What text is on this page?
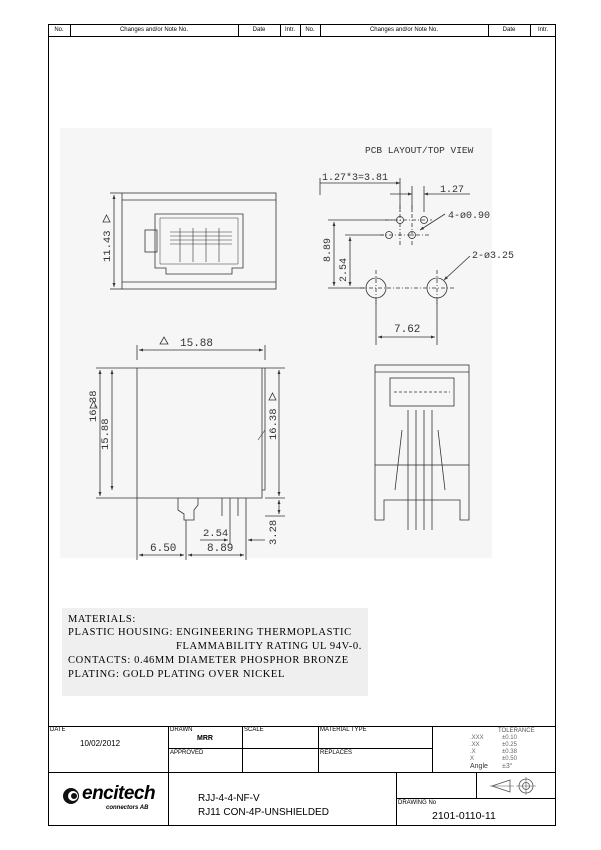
No.	Changes and/or Note No.	Date	Intr.	No.	Changes and/or Note No.	Date	Intr.
PCB LAYOUT/TOP VIEW
1.27*3=3.81
1.27
4-ø0.90
2-ø3.25
8.89
2.54
7.62
11.43
15.88
16.38
15.88	16.38
2.54
6.50	8.89
3.28
MATERIALS:
PLASTIC HOUSING: ENGINEERING THERMOPLASTIC
FLAMMABILITY RATING UL 94V-0.
CONTACTS: 0.46MM DIAMETER PHOSPHOR BRONZE
PLATING: GOLD PLATING OVER NICKEL
DATE
10/02/2012
DRAWN
MRR
APPROVED
SCALE	MATERIAL TYPE
REPLACES
TOLERANCE
.XXX	±0.10
.XX	±0.25
.X	±0.38
X	±0.50
Angle ±3°
encitech
connectors AB
RJJ-4-4-NF-V
RJ11 CON-4P-UNSHIELDED
DRAWING No
2101-0110-11
